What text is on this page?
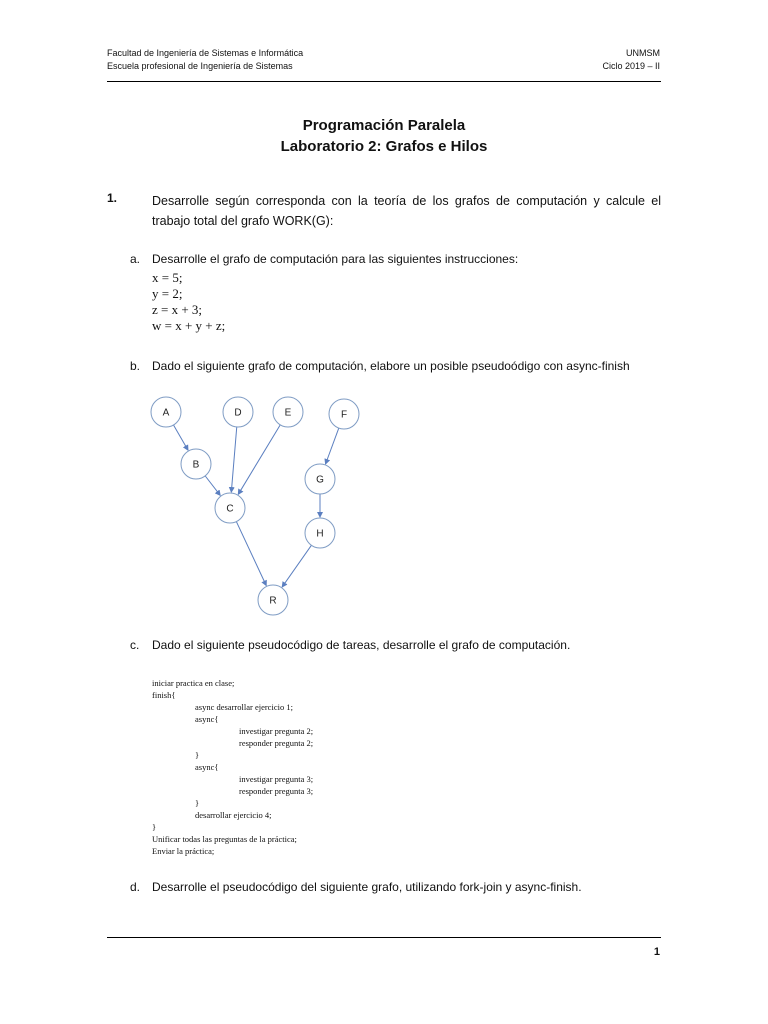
Facultad de Ingeniería de Sistemas e Informática
Escuela profesional de Ingeniería de Sistemas
UNMSM
Ciclo 2019 – II
Programación Paralela
Laboratorio 2: Grafos e Hilos
1.	Desarrolle según corresponda con la teoría de los grafos de computación y calcule el trabajo total del grafo WORK(G):
a. Desarrolle el grafo de computación para las siguientes instrucciones:
x = 5;
y = 2;
z = x + 3;
w = x + y + z;
b. Dado el siguiente grafo de computación, elabore un posible pseudoódigo con async-finish
A	D	E	F
B
G
C
H
R
c. Dado el siguiente pseudocódigo de tareas, desarrolle el grafo de computación.
iniciar practica en clase;
finish{
async desarrollar ejercicio 1;
async{
investigar pregunta 2;
responder pregunta 2;
}
async{
investigar pregunta 3;
responder pregunta 3;
}
desarrollar ejercicio 4;
}
Unificar todas las preguntas de la práctica;
Enviar la práctica;
d. Desarrolle el pseudocódigo del siguiente grafo, utilizando fork-join y async-finish.
1
